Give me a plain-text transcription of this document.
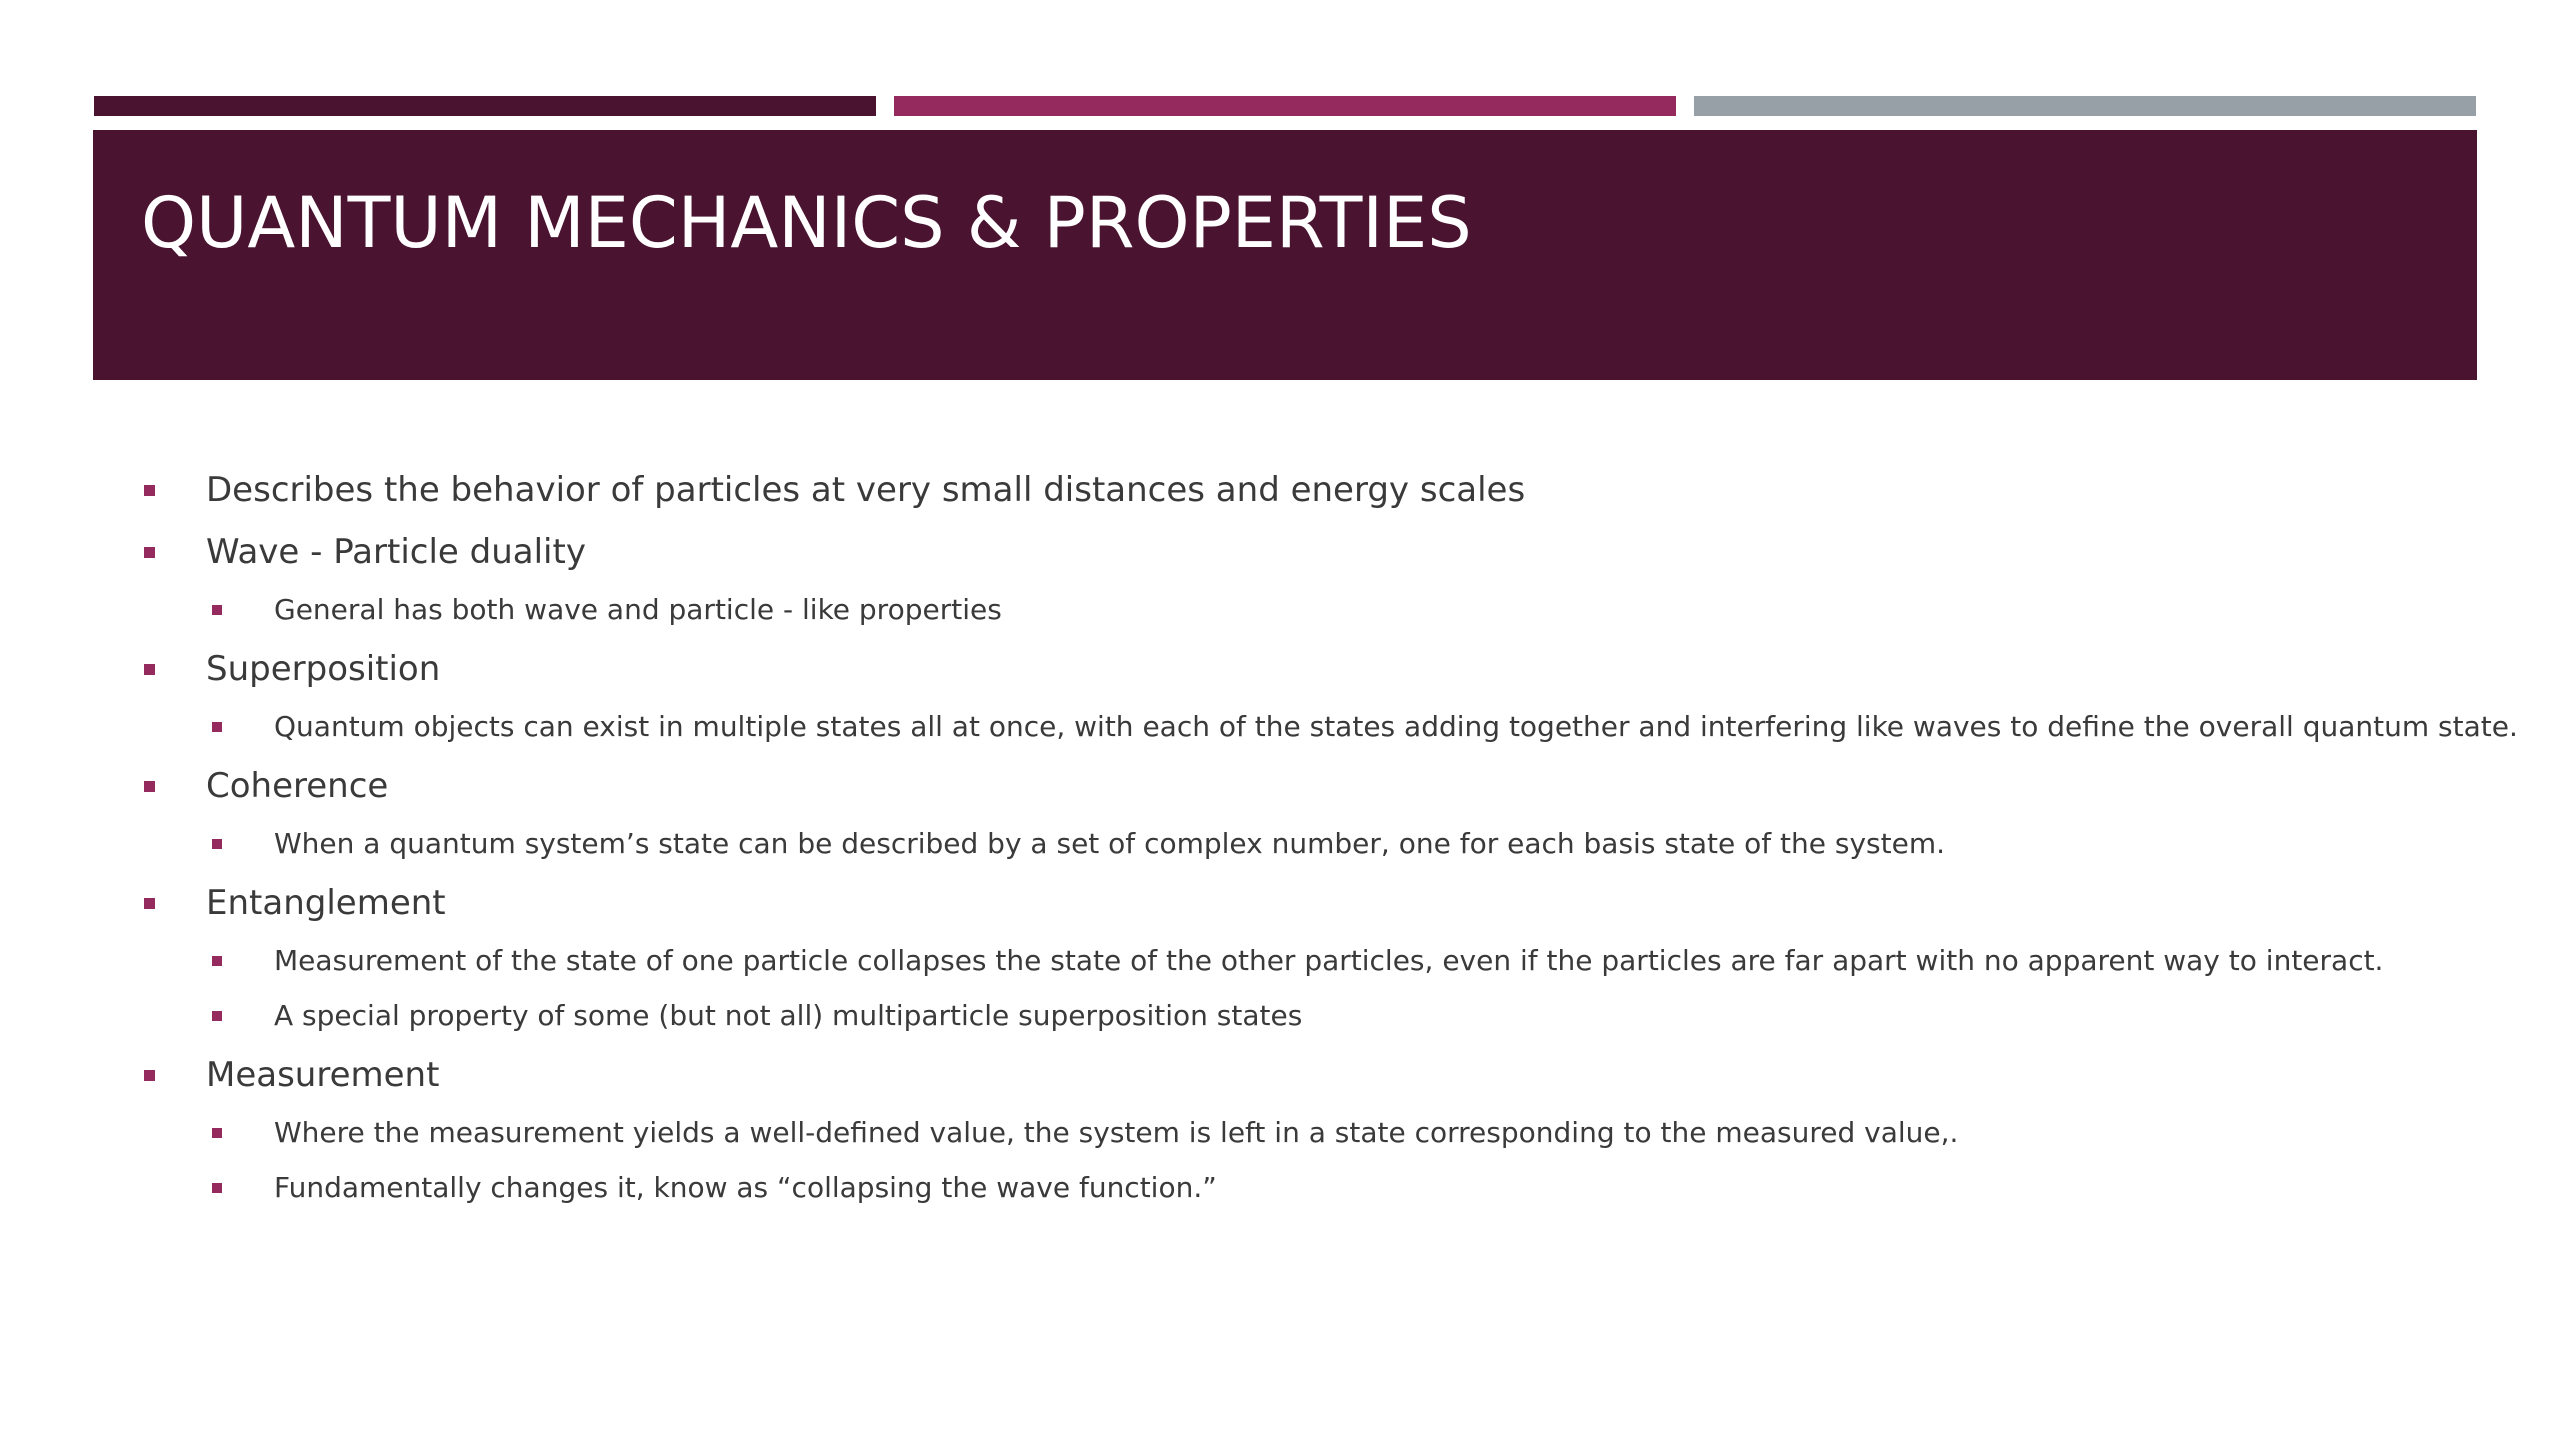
QUANTUM MECHANICS & PROPERTIES
Describes the behavior of particles at very small distances and energy scales
Wave - Particle duality
General has both wave and particle - like properties
Superposition
Quantum objects can exist in multiple states all at once, with each of the states adding together and interfering like waves to define the overall quantum state.
Coherence
When a quantum system’s state can be described by a set of complex number, one for each basis state of the system.
Entanglement
Measurement of the state of one particle collapses the state of the other particles, even if the particles are far apart with no apparent way to interact.
A special property of some (but not all) multiparticle superposition states
Measurement
Where the measurement yields a well-defined value, the system is left in a state corresponding to the measured value,.
Fundamentally changes it, know as “collapsing the wave function.”
